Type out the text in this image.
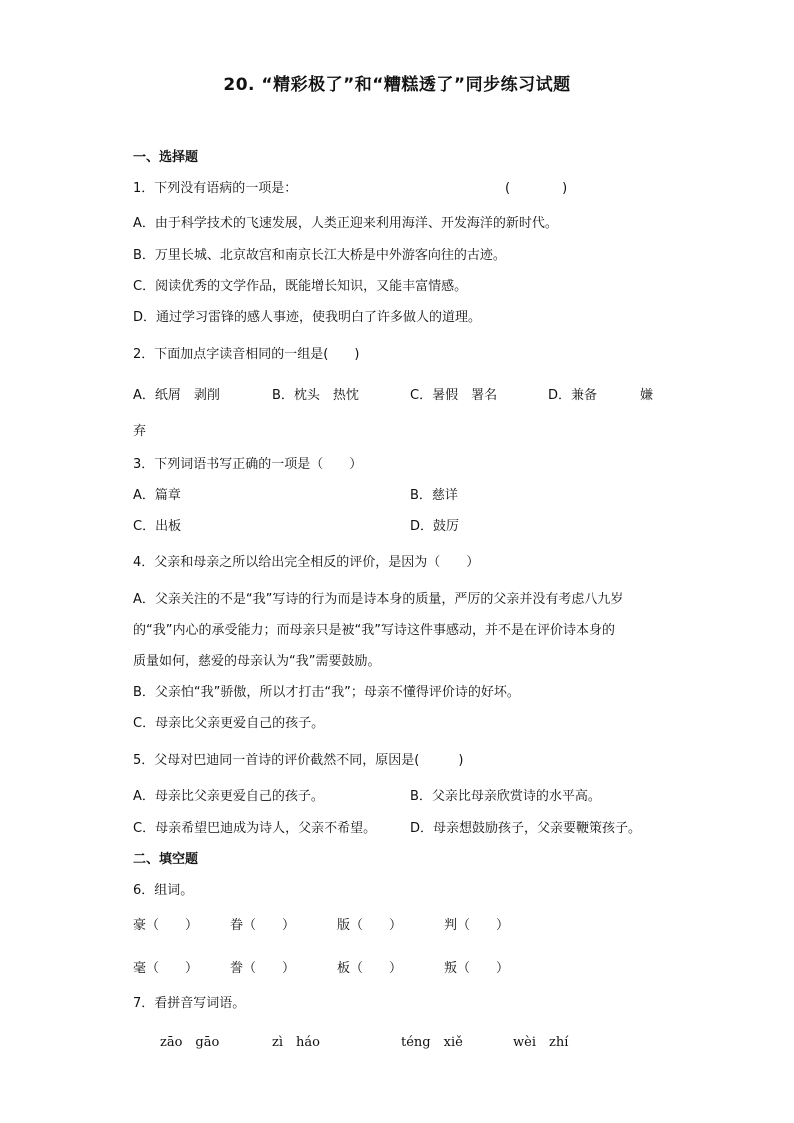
20. “精彩极了”和“糟糕透了”同步练习试题
一、选择题
1．下列没有语病的一项是：	(　　　　)
A．由于科学技术的飞速发展，人类正迎来利用海洋、开发海洋的新时代。
B．万里长城、北京故宫和南京长江大桥是中外游客向往的古迹。
C．阅读优秀的文学作品，既能增长知识，又能丰富情感。
D．通过学习雷锋的感人事迹，使我明白了许多做人的道理。
2．下面加点字读音相同的一组是(　　)
A．纸屑　剥削	B．枕头　热忱	C．暑假　署名	D．兼备	嫌
弃
3．下列词语书写正确的一项是（　　）
A．篇章	B．慈详
C．出板	D．鼓厉
4．父亲和母亲之所以给出完全相反的评价，是因为（　　）
A．父亲关注的不是“我”写诗的行为而是诗本身的质量，严厉的父亲并没有考虑八九岁
的“我”内心的承受能力；而母亲只是被“我”写诗这件事感动，并不是在评价诗本身的
质量如何，慈爱的母亲认为“我”需要鼓励。
B．父亲怕“我”骄傲，所以才打击“我”；母亲不懂得评价诗的好坏。
C．母亲比父亲更爱自己的孩子。
5．父母对巴迪同一首诗的评价截然不同，原因是(　　　)
A．母亲比父亲更爱自己的孩子。	B．父亲比母亲欣赏诗的水平高。
C．母亲希望巴迪成为诗人，父亲不希望。	D．母亲想鼓励孩子，父亲要鞭策孩子。
二、填空题
6．组词。
豪（　　） 眷（　　）	版（　　）	判（　　）
毫（　　） 誊（　　）	板（　　）	叛（　　）
7．看拼音写词语。
zāo　gāo	zì　háo	téng　xiě	wèi　zhí
